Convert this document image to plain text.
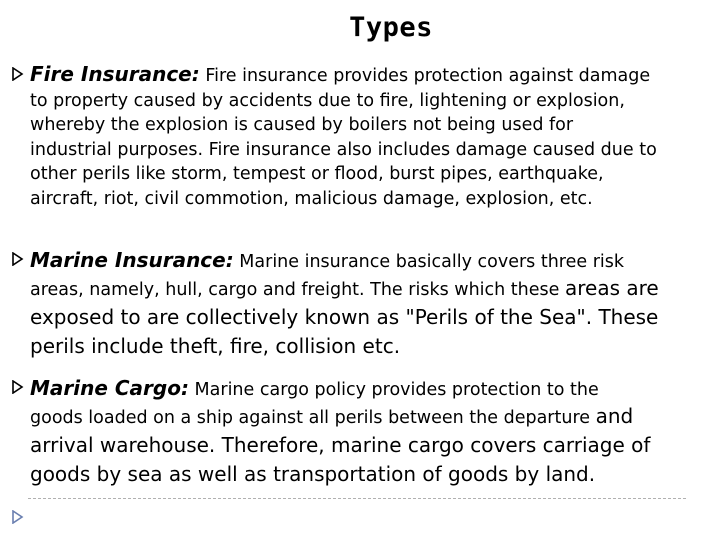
Types
Fire Insurance: Fire insurance provides protection against damage
to property caused by accidents due to fire, lightening or explosion,
whereby the explosion is caused by boilers not being used for
industrial purposes. Fire insurance also includes damage caused due to
other perils like storm, tempest or flood, burst pipes, earthquake,
aircraft, riot, civil commotion, malicious damage, explosion, etc.
Marine Insurance: Marine insurance basically covers three risk
areas, namely, hull, cargo and freight. The risks which these areas are
exposed to are collectively known as "Perils of the Sea". These
perils include theft, fire, collision etc.
Marine Cargo: Marine cargo policy provides protection to the
goods loaded on a ship against all perils between the departure and
arrival warehouse. Therefore, marine cargo covers carriage of
goods by sea as well as transportation of goods by land.
